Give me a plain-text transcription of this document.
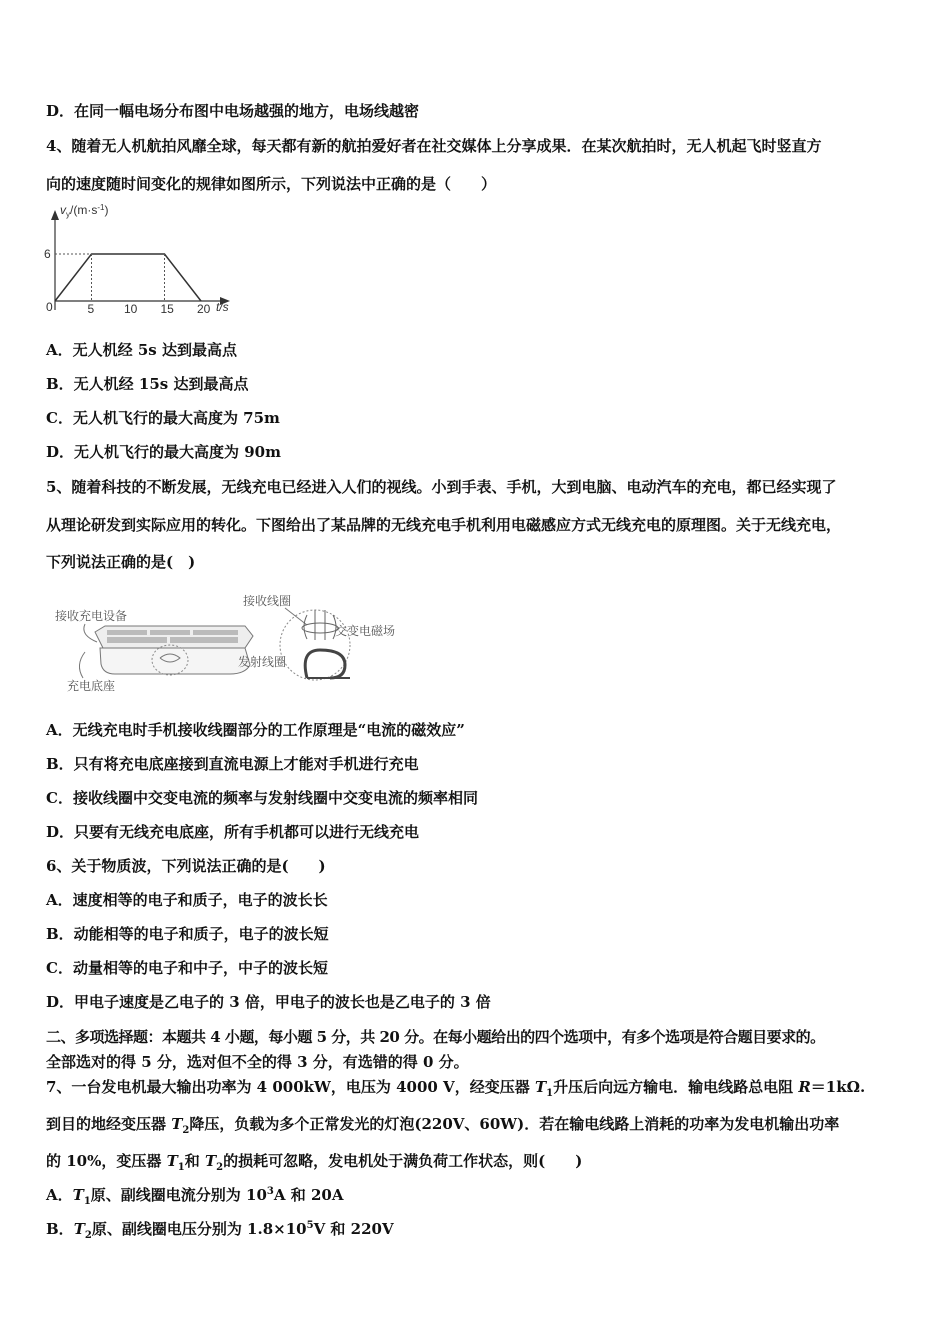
D．在同一幅电场分布图中电场越强的地方，电场线越密
4、随着无人机航拍风靡全球，每天都有新的航拍爱好者在社交媒体上分享成果．在某次航拍时，无人机起飞时竖直方
向的速度随时间变化的规律如图所示，下列说法中正确的是（　　）
5 10 15 20
6
$v_y/(m\cdot s^{-1})$
0	t/s
A．无人机经 5s 达到最高点
B．无人机经 15s 达到最高点
C．无人机飞行的最大高度为 75m
D．无人机飞行的最大高度为 90m
5、随着科技的不断发展，无线充电已经进入人们的视线。小到手表、手机，大到电脑、电动汽车的充电，都已经实现了
从理论研发到实际应用的转化。下图给出了某品牌的无线充电手机利用电磁感应方式无线充电的原理图。关于无线充电，
下列说法正确的是(　)
接收充电设备
充电底座
接收线圈
交变电磁场
发射线圈
A．无线充电时手机接收线圈部分的工作原理是“电流的磁效应”
B．只有将充电底座接到直流电源上才能对手机进行充电
C．接收线圈中交变电流的频率与发射线圈中交变电流的频率相同
D．只要有无线充电底座，所有手机都可以进行无线充电
6、关于物质波，下列说法正确的是(　　)
A．速度相等的电子和质子，电子的波长长
B．动能相等的电子和质子，电子的波长短
C．动量相等的电子和中子，中子的波长短
D．甲电子速度是乙电子的 3 倍，甲电子的波长也是乙电子的 3 倍
二、多项选择题：本题共 4 小题，每小题 5 分，共 20 分。在每小题给出的四个选项中，有多个选项是符合题目要求的。
全部选对的得 5 分，选对但不全的得 3 分，有选错的得 0 分。
7、一台发电机最大输出功率为 4 000kW，电压为 4000 V，经变压器 $T_1$升压后向远方输电．输电线路总电阻 R＝1kΩ.
到目的地经变压器 $T_2$降压，负载为多个正常发光的灯泡(220V、60W)．若在输电线路上消耗的功率为发电机输出功率
的 10%，变压器 $T_1$和 $T_2$的损耗可忽略，发电机处于满负荷工作状态，则(　　)
A．$T_1$原、副线圈电流分别为 $10^3A$ 和 20A
B．$T_2$原、副线圈电压分别为 $1.8\times 10^5V$ 和 220V
